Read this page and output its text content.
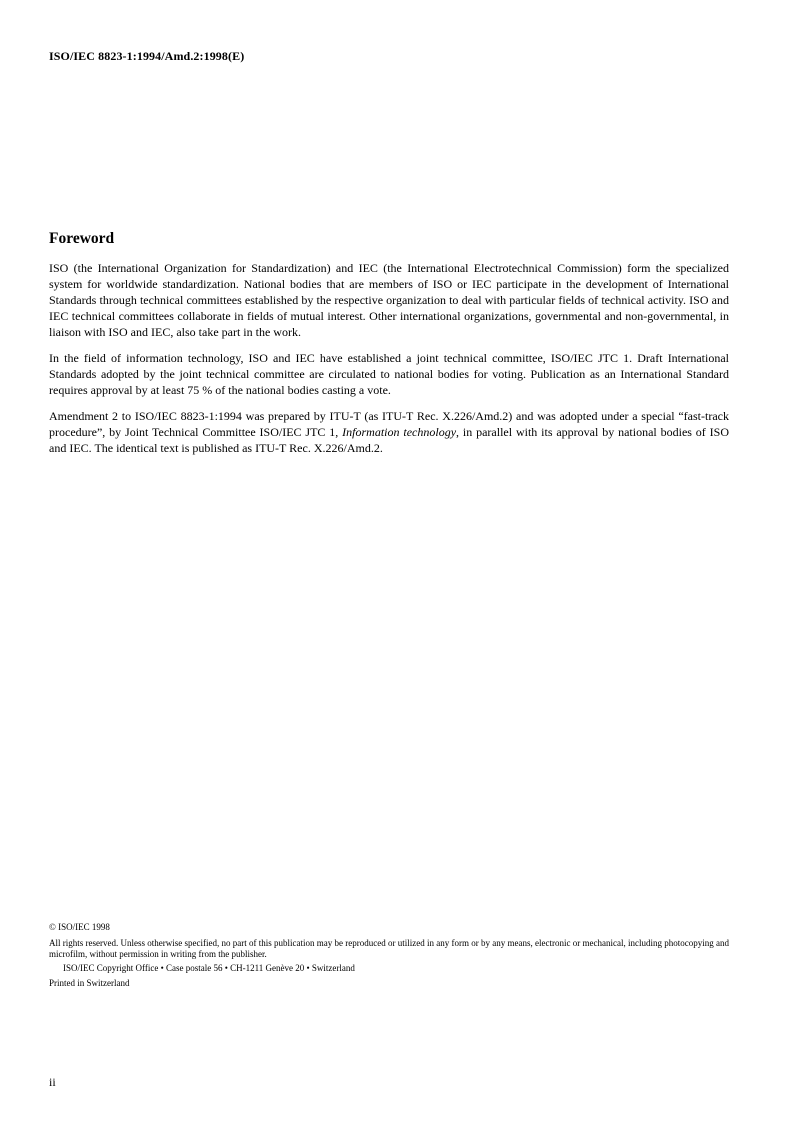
ISO/IEC 8823-1:1994/Amd.2:1998(E)
Foreword

ISO (the International Organization for Standardization) and IEC (the International Electrotechnical Commission) form the specialized system for worldwide standardization. National bodies that are members of ISO or IEC participate in the development of International Standards through technical committees established by the respective organization to deal with particular fields of technical activity. ISO and IEC technical committees collaborate in fields of mutual interest. Other international organizations, governmental and non-governmental, in liaison with ISO and IEC, also take part in the work.

In the field of information technology, ISO and IEC have established a joint technical committee, ISO/IEC JTC 1. Draft International Standards adopted by the joint technical committee are circulated to national bodies for voting. Publication as an International Standard requires approval by at least 75 % of the national bodies casting a vote.

Amendment 2 to ISO/IEC 8823-1:1994 was prepared by ITU-T (as ITU-T Rec. X.226/Amd.2) and was adopted under a special “fast-track procedure”, by Joint Technical Committee ISO/IEC JTC 1, Information technology, in parallel with its approval by national bodies of ISO and IEC. The identical text is published as ITU-T Rec. X.226/Amd.2.

© ISO/IEC 1998
All rights reserved. Unless otherwise specified, no part of this publication may be reproduced or utilized in any form or by any means, electronic or mechanical, including photocopying and microfilm, without permission in writing from the publisher.
ISO/IEC Copyright Office • Case postale 56 • CH-1211 Genève 20 • Switzerland
Printed in Switzerland
ii
